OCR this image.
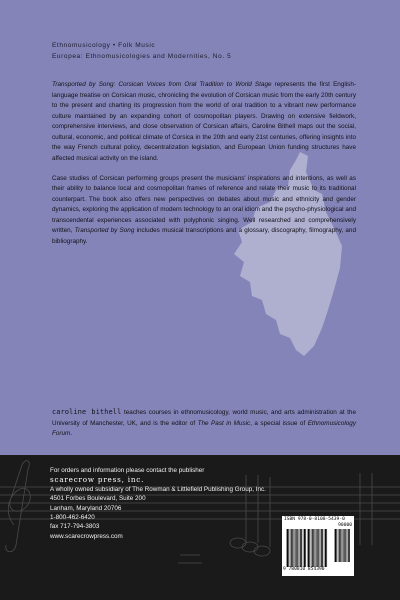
Ethnomusicology • Folk Music
Europea: Ethnomusicologies and Modernities, No. 5

Transported by Song: Corsican Voices from Oral Tradition to World Stage represents the first English-language treatise on Corsican music, chronicling the evolution of Corsican music from the early 20th century to the present and charting its progression from the world of oral tradition to a vibrant new performance culture maintained by an expanding cohort of cosmopolitan players. Drawing on extensive fieldwork, comprehensive interviews, and close observation of Corsican affairs, Caroline Bithell maps out the social, cultural, economic, and political climate of Corsica in the 20th and early 21st centuries, offering insights into the way French cultural policy, decentralization legislation, and European Union funding structures have affected musical activity on the island.

Case studies of Corsican performing groups present the musicians' inspirations and intentions, as well as their ability to balance local and cosmopolitan frames of reference and relate their music to its traditional counterpart. The book also offers new perspectives on debates about music and ethnicity and gender dynamics, exploring the application of modern technology to an oral idiom and the psycho-physiological and transcendental experiences associated with polyphonic singing. Well researched and comprehensively written, Transported by Song includes musical transcriptions and a glossary, discography, filmography, and bibliography.

caroline bithell teaches courses in ethnomusicology, world music, and arts administration at the University of Manchester, UK, and is the editor of The Past in Music, a special issue of Ethnomusicology Forum.
For orders and information please contact the publisher
scarecrow press, inc.
A wholly owned subsidiary of The Rowman & Littlefield Publishing Group, Inc.
4501 Forbes Boulevard, Suite 200
Lanham, Maryland 20706
1-800-462-6420
fax 717-794-3803
www.scarecrowpress.com
ISBN 978-0-8108-5439-0
90000
9 780810 854390
